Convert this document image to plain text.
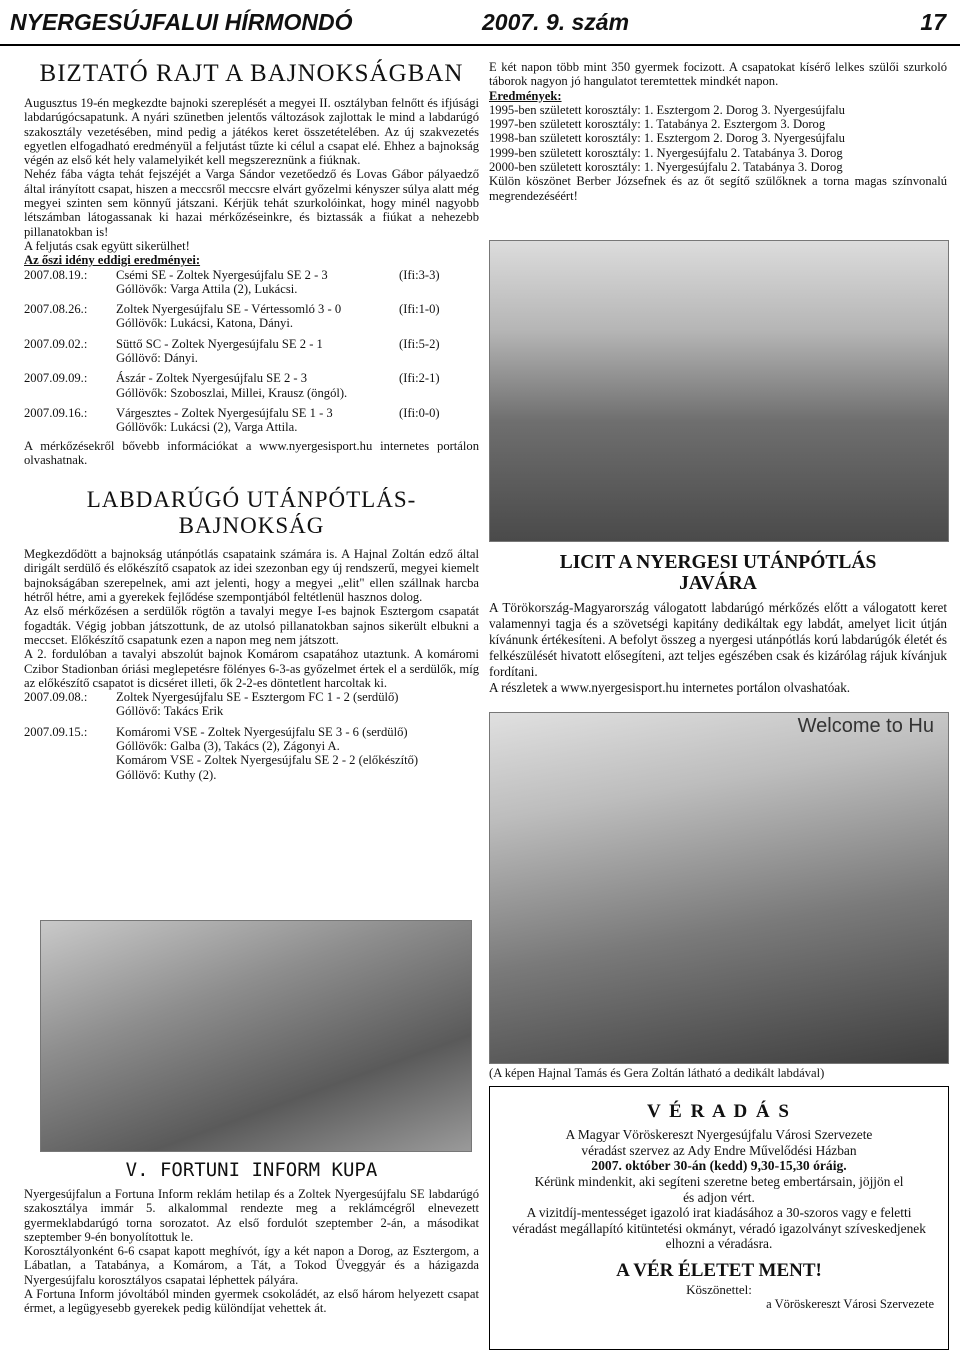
NYERGESÚJFALUI HÍRMONDÓ	2007. 9. szám	17
BIZTATÓ RAJT A BAJNOKSÁGBAN

Augusztus 19-én megkezdte bajnoki szereplését a megyei II. osztályban felnőtt és ifjúsági labdarúgócsapatunk. A nyári szünetben jelentős változások zajlottak le mind a labdarúgó szakosztály vezetésében, mind pedig a játékos keret összetételében. Az új szakvezetés egyetlen elfogadható eredményül a feljutást tűzte ki célul a csapat elé. Ehhez a bajnokság végén az első két hely valamelyikét kell megszereznünk a fiúknak.

Nehéz fába vágta tehát fejszéjét a Varga Sándor vezetőedző és Lovas Gábor pályaedző által irányított csapat, hiszen a meccsről meccsre elvárt győzelmi kényszer súlya alatt még megyei szinten sem könnyű játszani. Kérjük tehát szurkolóinkat, hogy minél nagyobb létszámban látogassanak ki hazai mérkőzéseinkre, és biztassák a fiúkat a nehezebb pillanatokban is!

A feljutás csak együtt sikerülhet!

Az őszi idény eddigi eredményei:

2007.08.19.:	Csémi SE - Zoltek Nyergesújfalu SE 2 - 3	(Ifi:3-3)
Góllövők: Varga Attila (2), Lukácsi.
2007.08.26.:	Zoltek Nyergesújfalu SE - Vértessomló 3 - 0	(Ifi:1-0)
Góllövők: Lukácsi, Katona, Dányi.
2007.09.02.:	Süttő SC - Zoltek Nyergesújfalu SE 2 - 1	(Ifi:5-2)
Góllövő: Dányi.
2007.09.09.:	Ászár - Zoltek Nyergesújfalu SE 2 - 3	(Ifi:2-1)
Góllövők: Szoboszlai, Millei, Krausz (öngól).
2007.09.16.:	Várgesztes - Zoltek Nyergesújfalu SE 1 - 3	(Ifi:0-0)
Góllövők: Lukácsi (2), Varga Attila.

A mérkőzésekről bővebb információkat a www.nyergesisport.hu internetes portálon olvashatnak.

LABDARÚGÓ UTÁNPÓTLÁS- BAJNOKSÁG

Megkezdődött a bajnokság utánpótlás csapataink számára is. A Hajnal Zoltán edző által dirigált serdülő és előkészítő csapatok az idei szezonban egy új rendszerű, megyei kiemelt bajnokságában szerepelnek, ami azt jelenti, hogy a megyei „elit" ellen szállnak harcba hétről hétre, ami a gyerekek fejlődése szempontjából feltétlenül hasznos dolog.

Az első mérkőzésen a serdülők rögtön a tavalyi megye I-es bajnok Esztergom csapatát fogadták. Végig jobban játszottunk, de az utolsó pillanatokban sajnos sikerült elbukni a meccset. Előkészítő csapatunk ezen a napon meg nem játszott.

A 2. fordulóban a tavalyi abszolút bajnok Komárom csapatához utaztunk. A komáromi Czibor Stadionban óriási meglepetésre fölényes 6-3-as győzelmet értek el a serdülők, míg az előkészítő csapatot is dicséret illeti, ők 2-2-es döntetlent harcoltak ki.

2007.09.08.:	Zoltek Nyergesújfalu SE - Esztergom FC 1 - 2 (serdülő)
Góllövő: Takács Erik
2007.09.15.:	Komáromi VSE - Zoltek Nyergesújfalu SE 3 - 6 (serdülő)
Góllövők: Galba (3), Takács (2), Zágonyi A.
Komárom VSE - Zoltek Nyergesújfalu SE 2 - 2 (előkészítő)
Góllövő: Kuthy (2).
V. FORTUNI INFORM KUPA

Nyergesújfalun a Fortuna Inform reklám hetilap és a Zoltek Nyergesújfalu SE labdarúgó szakosztálya immár 5. alkalommal rendezte meg a reklámcégről elnevezett gyermeklabdarúgó torna sorozatot. Az első fordulót szeptember 2-án, a másodikat szeptember 9-én bonyolítottuk le.

Korosztályonként 6-6 csapat kapott meghívót, így a két napon a Dorog, az Esztergom, a Lábatlan, a Tatabánya, a Komárom, a Tát, a Tokod Üveggyár és a házigazda Nyergesújfalu korosztályos csapatai léphettek pályára.

A Fortuna Inform jóvoltából minden gyermek csokoládét, az első három helyezett csapat érmet, a legügyesebb gyerekek pedig különdíjat vehettek át.

E két napon több mint 350 gyermek focizott. A csapatokat kísérő lelkes szülői szurkoló táborok nagyon jó hangulatot teremtettek mindkét napon.

Eredmények:

1995-ben született korosztály: 1. Esztergom 2. Dorog 3. Nyergesújfalu
1997-ben született korosztály: 1. Tatabánya 2. Esztergom 3. Dorog
1998-ban született korosztály: 1. Esztergom 2. Dorog 3. Nyergesújfalu
1999-ben született korosztály: 1. Nyergesújfalu 2. Tatabánya 3. Dorog
2000-ben született korosztály: 1. Nyergesújfalu 2. Tatabánya 3. Dorog

Külön köszönet Berber Józsefnek és az őt segítő szülőknek a torna magas színvonalú megrendezéséért!

LICIT A NYERGESI UTÁNPÓTLÁS JAVÁRA

A Törökország-Magyarország válogatott labdarúgó mérkőzés előtt a válogatott keret valamennyi tagja és a szövetségi kapitány dedikáltak egy labdát, amelyet licit útján kívánunk értékesíteni. A befolyt összeg a nyergesi utánpótlás korú labdarúgók életét és felkészülését hivatott elősegíteni, azt teljes egészében csak és kizárólag rájuk kívánjuk fordítani.

A részletek a www.nyergesisport.hu internetes portálon olvashatóak.

Welcome to Hu
(A képen Hajnal Tamás és Gera Zoltán látható a dedikált labdával)
V É R A D Á S
A Magyar Vöröskereszt Nyergesújfalu Városi Szervezete
véradást szervez az Ady Endre Művelődési Házban
2007. október 30-án (kedd) 9,30-15,30 óráig.
Kérünk mindenkit, aki segíteni szeretne beteg embertársain, jöjjön el és adjon vért.
A vizitdíj-mentességet igazoló irat kiadásához a 30-szoros vagy e feletti véradást megállapító kitüntetési okmányt, véradó igazolványt szíveskedjenek elhozni a véradásra.
A VÉR ÉLETET MENT!
Köszönettel:
a Vöröskereszt Városi Szervezete
